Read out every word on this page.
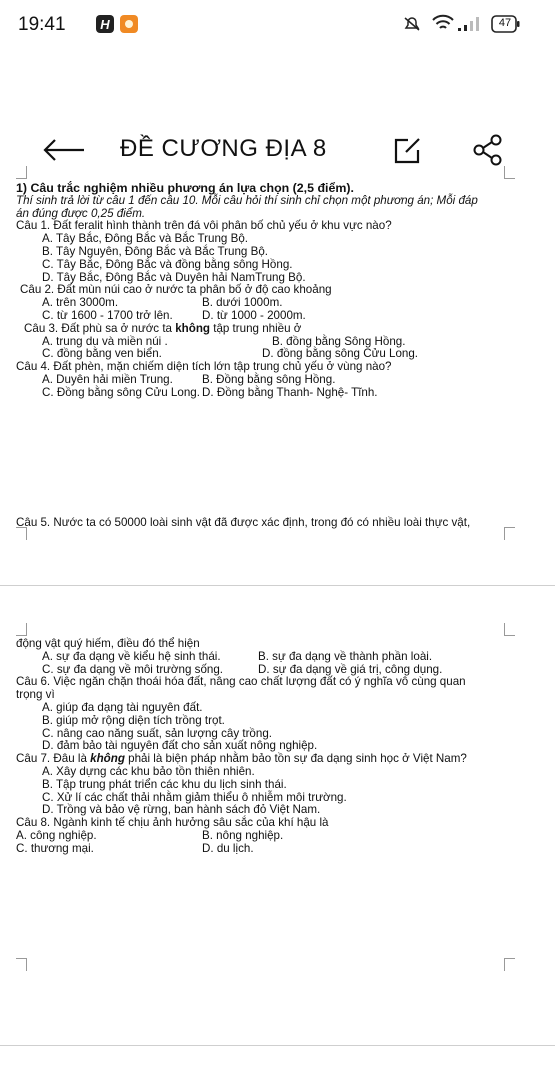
19:41	H	47
ĐỀ CƯƠNG ĐỊA 8

1) Câu trắc nghiệm nhiều phương án lựa chọn (2,5 điểm).

Thí sinh trả lời từ câu 1 đến câu 10. Mỗi câu hỏi thí sinh chỉ chọn một phương án; Mỗi đáp

án đúng được 0,25 điểm.

Câu 1. Đất feralit hình thành trên đá vôi phân bố chủ yếu ở khu vực nào?

A. Tây Bắc, Đông Bắc và Bắc Trung Bộ.

B. Tây Nguyên, Đông Bắc và Bắc Trung Bộ.

C. Tây Bắc, Đông Bắc và đồng bằng sông Hồng.

D. Tây Bắc, Đông Bắc và Duyên hải NamTrung Bộ.

Câu 2. Đất mùn núi cao ở nước ta phân bố ở độ cao khoảng

A. trên 3000m.	B. dưới 1000m.
C. từ 1600 - 1700 trở lên.	D. từ 1000 - 2000m.

Câu 3. Đất phù sa ở nước ta không tập trung nhiều ở

A. trung du và miền núi .	B. đồng bằng Sông Hồng.
C. đồng bằng ven biển.	D. đồng bằng sông Cửu Long.

Câu 4. Đất phèn, mặn chiếm diện tích lớn tập trung chủ yếu ở vùng nào?

A. Duyên hải miền Trung.	B. Đồng bằng sông Hồng.
C. Đồng bằng sông Cửu Long. D. Đồng bằng Thanh- Nghệ- Tĩnh.

Câu 5. Nước ta có 50000 loài sinh vật đã được xác định, trong đó có nhiều loài thực vật,

động vật quý hiếm, điều đó thể hiện

A. sự đa dạng về kiểu hệ sinh thái.	B. sự đa dạng về thành phần loài.
C. sự đa dạng về môi trường sống.	D. sự đa dạng về giá trị, công dụng.

Câu 6. Việc ngăn chặn thoái hóa đất, nâng cao chất lượng đất có ý nghĩa vô cùng quan

trọng vì

A. giúp đa dạng tài nguyên đất.

B. giúp mở rộng diện tích trồng trọt.

C. nâng cao năng suất, sản lượng cây trồng.

D. đảm bảo tài nguyên đất cho sản xuất nông nghiệp.

Câu 7. Đâu là không phải là biện pháp nhằm bảo tồn sự đa dạng sinh học ở Việt Nam?

A. Xây dựng các khu bảo tồn thiên nhiên.

B. Tập trung phát triển các khu du lịch sinh thái.

C. Xử lí các chất thải nhằm giảm thiểu ô nhiễm môi trường.

D. Trồng và bảo vệ rừng, ban hành sách đỏ Việt Nam.

Câu 8. Ngành kinh tế chịu ảnh hưởng sâu sắc của khí hậu là

A. công nghiệp.	B. nông nghiệp.
C. thương mại.	D. du lịch.
